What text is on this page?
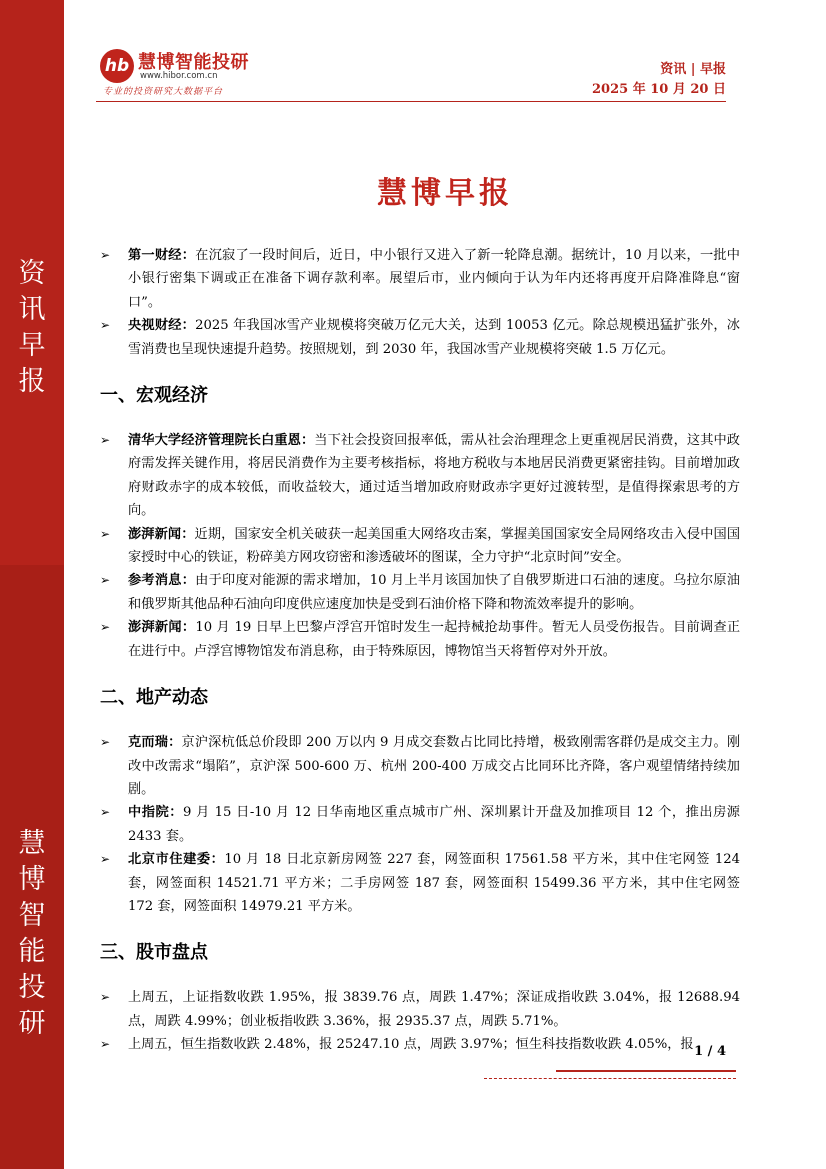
资
讯
早
报
慧
博
智
能
投
研
hb 慧博智能投研
www.hibor.com.cn
专业的投资研究大数据平台
资讯 | 早报
2025 年 10 月 20 日
慧博早报
➢ 第一财经：在沉寂了一段时间后，近日，中小银行又进入了新一轮降息潮。据统计，10 月以来，一批中小银行密集下调或正在准备下调存款利率。展望后市，业内倾向于认为年内还将再度开启降准降息“窗口”。
➢ 央视财经：2025 年我国冰雪产业规模将突破万亿元大关，达到 10053 亿元。除总规模迅猛扩张外，冰雪消费也呈现快速提升趋势。按照规划，到 2030 年，我国冰雪产业规模将突破 1.5 万亿元。
一、宏观经济
➢ 清华大学经济管理院长白重恩：当下社会投资回报率低，需从社会治理理念上更重视居民消费，这其中政府需发挥关键作用，将居民消费作为主要考核指标，将地方税收与本地居民消费更紧密挂钩。目前增加政府财政赤字的成本较低，而收益较大，通过适当增加政府财政赤字更好过渡转型，是值得探索思考的方向。
➢ 澎湃新闻：近期，国家安全机关破获一起美国重大网络攻击案，掌握美国国家安全局网络攻击入侵中国国家授时中心的铁证，粉碎美方网攻窃密和渗透破坏的图谋，全力守护“北京时间”安全。
➢ 参考消息：由于印度对能源的需求增加，10 月上半月该国加快了自俄罗斯进口石油的速度。乌拉尔原油和俄罗斯其他品种石油向印度供应速度加快是受到石油价格下降和物流效率提升的影响。
➢ 澎湃新闻：10 月 19 日早上巴黎卢浮宫开馆时发生一起持械抢劫事件。暂无人员受伤报告。目前调查正在进行中。卢浮宫博物馆发布消息称，由于特殊原因，博物馆当天将暂停对外开放。
二、地产动态
➢ 克而瑞：京沪深杭低总价段即 200 万以内 9 月成交套数占比同比持增，极致刚需客群仍是成交主力。刚改中改需求“塌陷”，京沪深 500-600 万、杭州 200-400 万成交占比同环比齐降，客户观望情绪持续加剧。
➢ 中指院：9 月 15 日-10 月 12 日华南地区重点城市广州、深圳累计开盘及加推项目 12 个，推出房源 2433 套。
➢ 北京市住建委：10 月 18 日北京新房网签 227 套，网签面积 17561.58 平方米，其中住宅网签 124 套，网签面积 14521.71 平方米；二手房网签 187 套，网签面积 15499.36 平方米，其中住宅网签 172 套，网签面积 14979.21 平方米。
三、股市盘点
➢ 上周五，上证指数收跌 1.95%，报 3839.76 点，周跌 1.47%；深证成指收跌 3.04%，报 12688.94 点，周跌 4.99%；创业板指收跌 3.36%，报 2935.37 点，周跌 5.71%。
➢ 上周五，恒生指数收跌 2.48%，报 25247.10 点，周跌 3.97%；恒生科技指数收跌 4.05%，报 1 / 4
